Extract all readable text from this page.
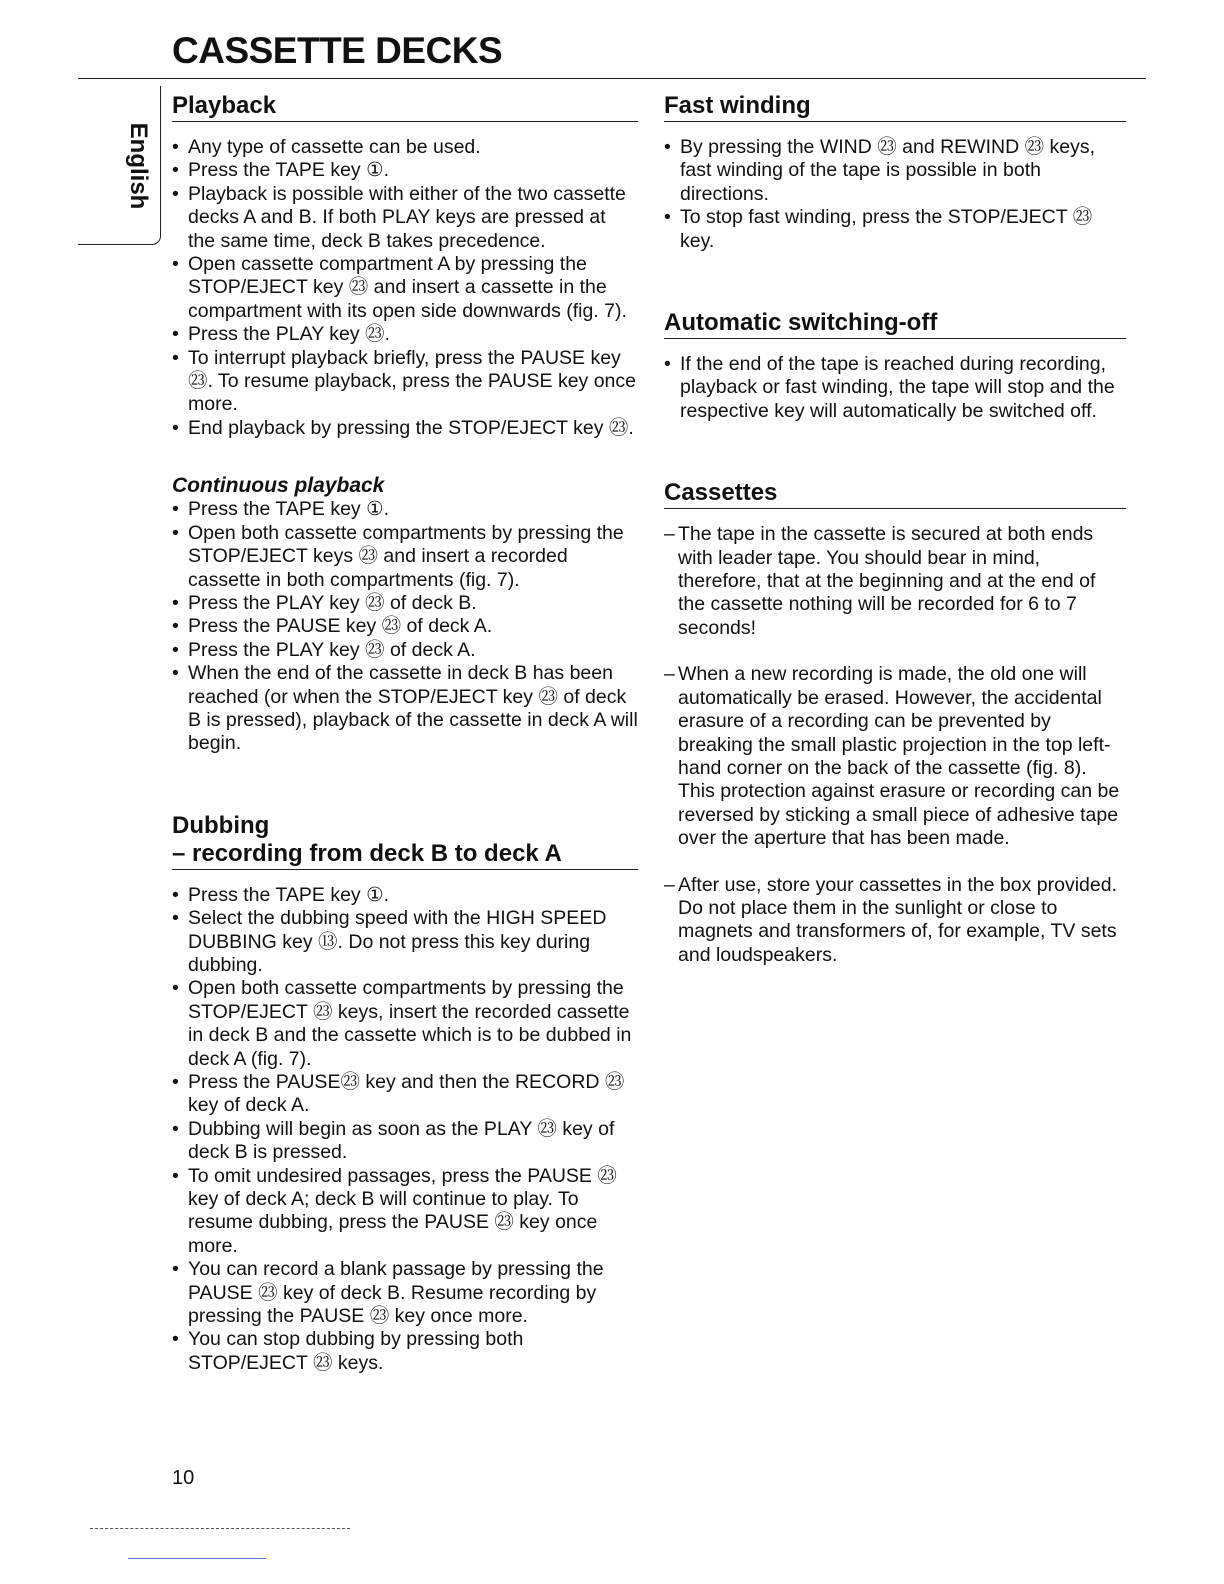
CASSETTE DECKS
English
Playback
• Any type of cassette can be used.
• Press the TAPE key ①.
• Playback is possible with either of the two cassette decks A and B. If both PLAY keys are pressed at the same time, deck B takes precedence.
• Open cassette compartment A by pressing the STOP/EJECT key ㉓ and insert a cassette in the compartment with its open side downwards (fig. 7).
• Press the PLAY key ㉓.
• To interrupt playback briefly, press the PAUSE key ㉓. To resume playback, press the PAUSE key once more.
• End playback by pressing the STOP/EJECT key ㉓.
Continuous playback
• Press the TAPE key ①.
• Open both cassette compartments by pressing the STOP/EJECT keys ㉓ and insert a recorded cassette in both compartments (fig. 7).
• Press the PLAY key ㉓ of deck B.
• Press the PAUSE key ㉓ of deck A.
• Press the PLAY key ㉓ of deck A.
• When the end of the cassette in deck B has been reached (or when the STOP/EJECT key ㉓ of deck B is pressed), playback of the cassette in deck A will begin.
Dubbing
– recording from deck B to deck A
• Press the TAPE key ①.
• Select the dubbing speed with the HIGH SPEED DUBBING key ⑬. Do not press this key during dubbing.
• Open both cassette compartments by pressing the STOP/EJECT ㉓ keys, insert the recorded cassette in deck B and the cassette which is to be dubbed in deck A (fig. 7).
• Press the PAUSE㉓ key and then the RECORD ㉓ key of deck A.
• Dubbing will begin as soon as the PLAY ㉓ key of deck B is pressed.
• To omit undesired passages, press the PAUSE ㉓ key of deck A; deck B will continue to play. To resume dubbing, press the PAUSE ㉓ key once more.
• You can record a blank passage by pressing the PAUSE ㉓ key of deck B. Resume recording by pressing the PAUSE ㉓ key once more.
• You can stop dubbing by pressing both STOP/EJECT ㉓ keys.
Fast winding
• By pressing the WIND ㉓ and REWIND ㉓ keys, fast winding of the tape is possible in both directions.
• To stop fast winding, press the STOP/EJECT ㉓ key.
Automatic switching-off
• If the end of the tape is reached during recording, playback or fast winding, the tape will stop and the respective key will automatically be switched off.
Cassettes
– The tape in the cassette is secured at both ends with leader tape. You should bear in mind, therefore, that at the beginning and at the end of the cassette nothing will be recorded for 6 to 7 seconds!
– When a new recording is made, the old one will automatically be erased. However, the accidental erasure of a recording can be prevented by breaking the small plastic projection in the top left-hand corner on the back of the cassette (fig. 8). This protection against erasure or recording can be reversed by sticking a small piece of adhesive tape over the aperture that has been made.
– After use, store your cassettes in the box provided. Do not place them in the sunlight or close to magnets and transformers of, for example, TV sets and loudspeakers.
10
